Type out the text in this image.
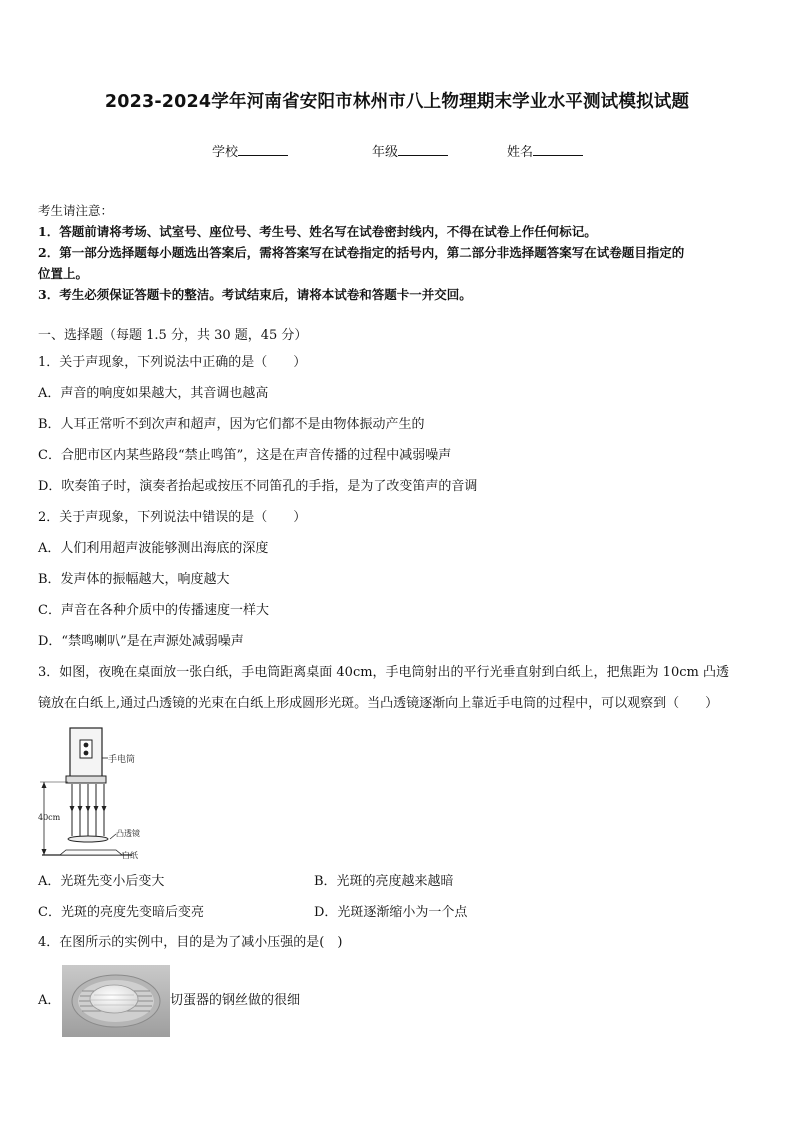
2023-2024学年河南省安阳市林州市八上物理期末学业水平测试模拟试题
学校	年级	姓名
考生请注意：
1．答题前请将考场、试室号、座位号、考生号、姓名写在试卷密封线内，不得在试卷上作任何标记。
2．第一部分选择题每小题选出答案后，需将答案写在试卷指定的括号内，第二部分非选择题答案写在试卷题目指定的
位置上。
3．考生必须保证答题卡的整洁。考试结束后，请将本试卷和答题卡一并交回。
一、选择题（每题 1.5 分，共 30 题，45 分）
1．关于声现象，下列说法中正确的是（　　）
A．声音的响度如果越大，其音调也越高
B．人耳正常听不到次声和超声，因为它们都不是由物体振动产生的
C．合肥市区内某些路段“禁止鸣笛”，这是在声音传播的过程中减弱噪声
D．吹奏笛子时，演奏者抬起或按压不同笛孔的手指，是为了改变笛声的音调
2．关于声现象，下列说法中错误的是（　　）
A．人们利用超声波能够测出海底的深度
B．发声体的振幅越大，响度越大
C．声音在各种介质中的传播速度一样大
D．“禁鸣喇叭”是在声源处减弱噪声
3．如图，夜晚在桌面放一张白纸，手电筒距离桌面 40cm，手电筒射出的平行光垂直射到白纸上，把焦距为 10cm 凸透
镜放在白纸上,通过凸透镜的光束在白纸上形成圆形光斑。当凸透镜逐渐向上靠近手电筒的过程中，可以观察到（　　）
手电筒
40cm
凸透镜
白纸
A．光斑先变小后变大	B．光斑的亮度越来越暗
C．光斑的亮度先变暗后变亮	D．光斑逐渐缩小为一个点
4．在图所示的实例中，目的是为了减小压强的是(　)
A．	切蛋器的钢丝做的很细
